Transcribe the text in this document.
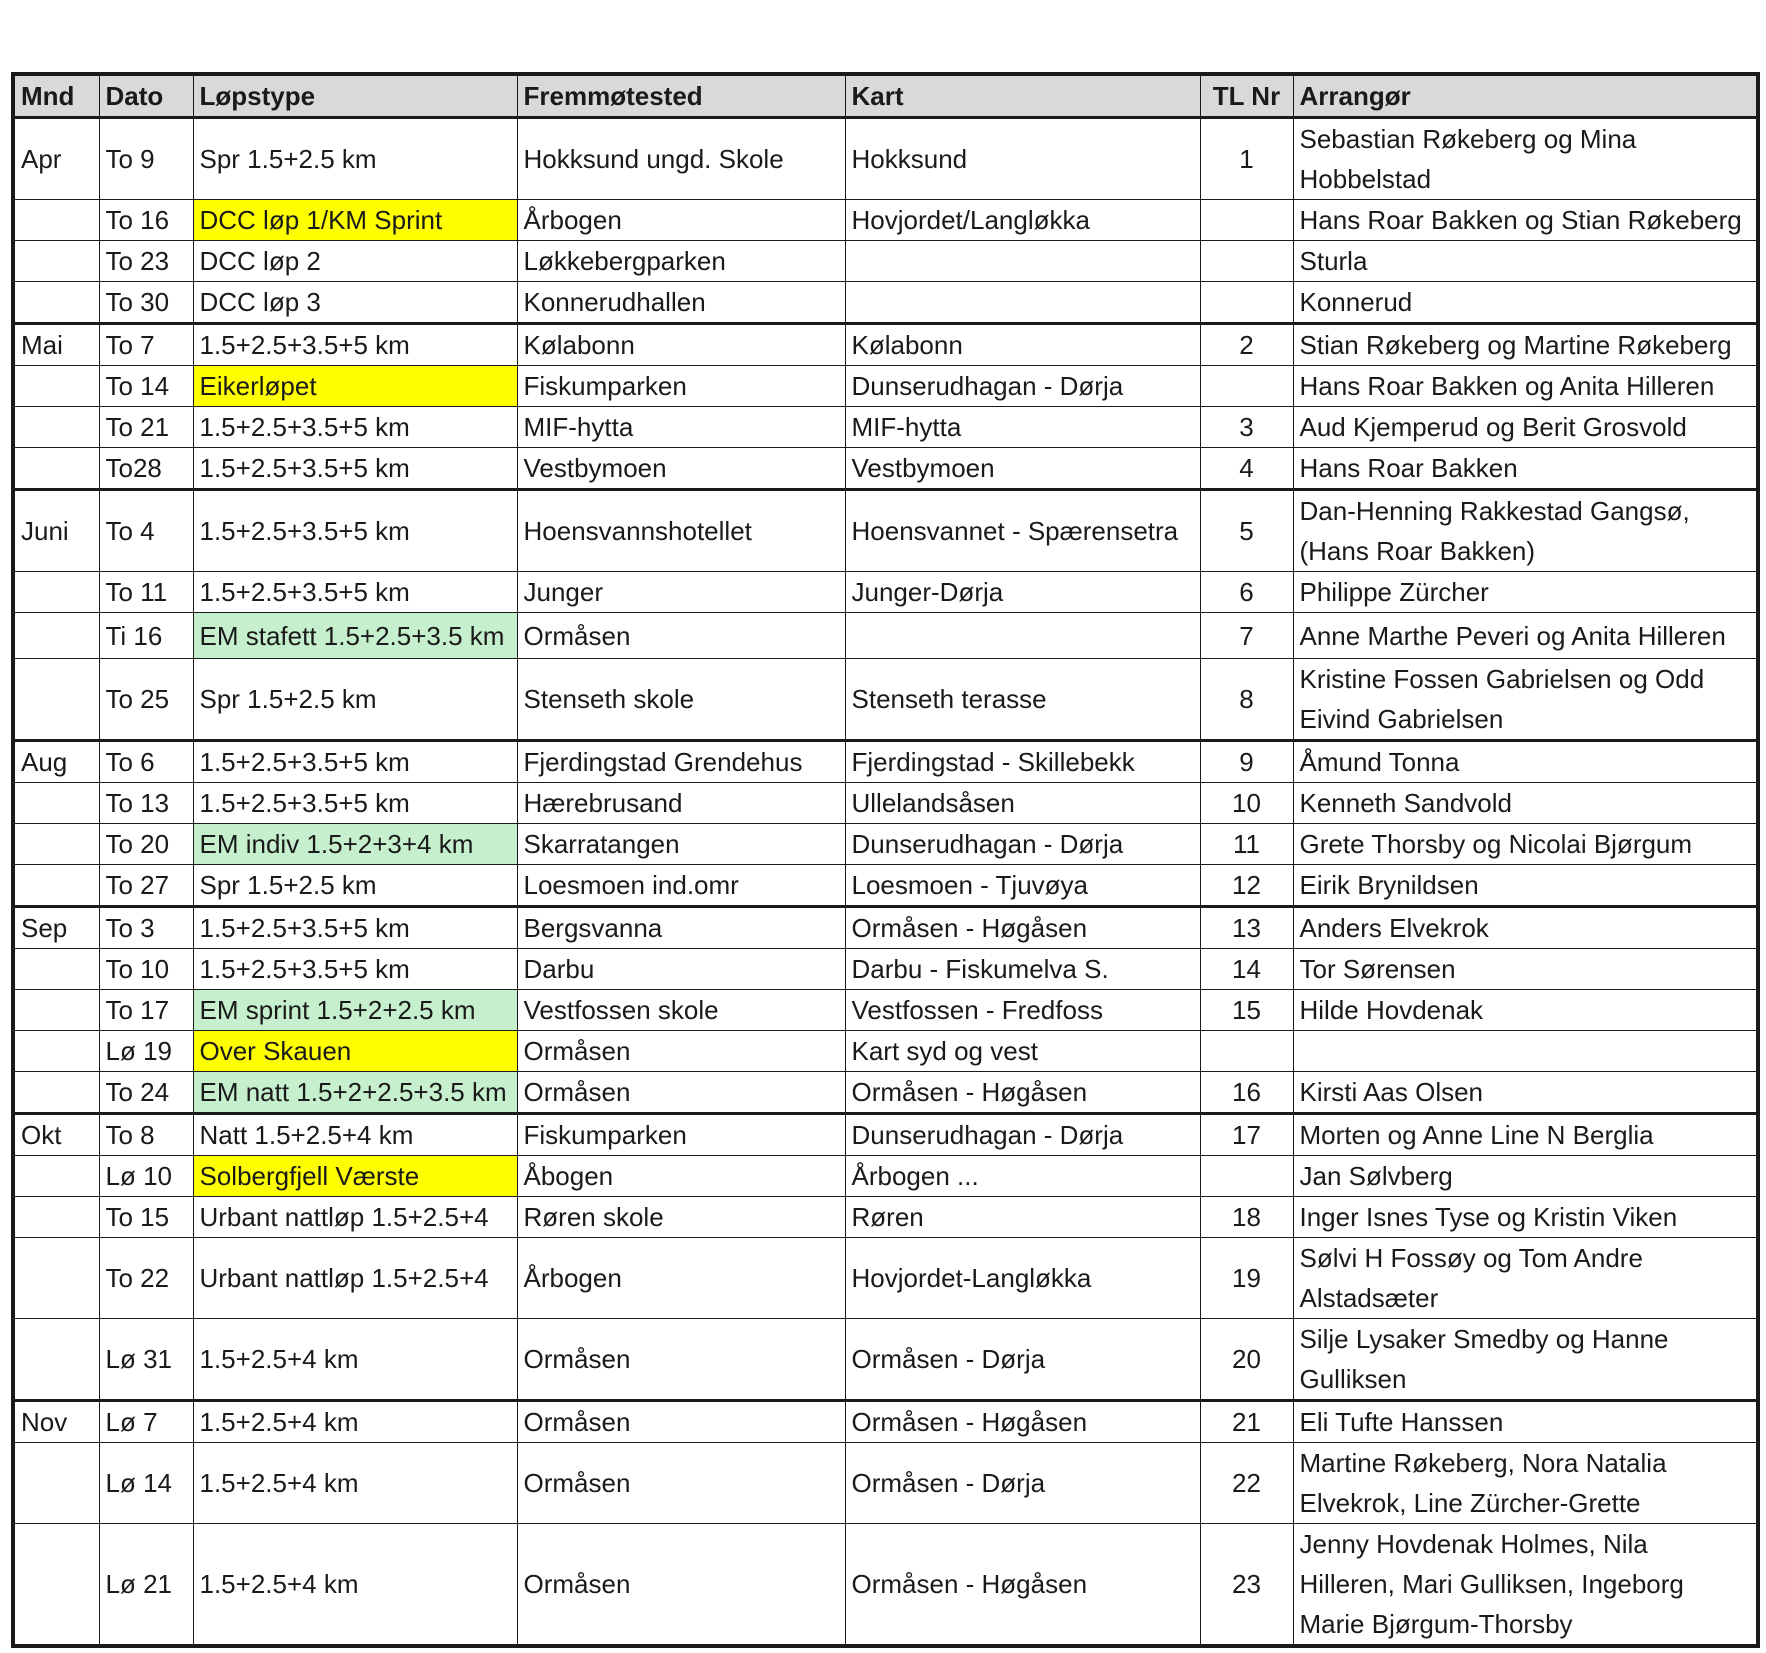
Mnd	Dato	Løpstype	Fremmøtested	Kart	TL Nr	Arrangør
Apr	To 9	Spr 1.5+2.5 km	Hokksund ungd. Skole	Hokksund	1	Sebastian Røkeberg og Mina Hobbelstad
	To 16	DCC løp 1/KM Sprint	Årbogen	Hovjordet/Langløkka		Hans Roar Bakken og Stian Røkeberg
	To 23	DCC løp 2	Løkkebergparken			Sturla
	To 30	DCC løp 3	Konnerudhallen			Konnerud
Mai	To 7	1.5+2.5+3.5+5 km	Kølabonn	Kølabonn	2	Stian Røkeberg og Martine Røkeberg
	To 14	Eikerløpet	Fiskumparken	Dunserudhagan - Dørja		Hans Roar Bakken og Anita Hilleren
	To 21	1.5+2.5+3.5+5 km	MIF-hytta	MIF-hytta	3	Aud Kjemperud og Berit Grosvold
	To28	1.5+2.5+3.5+5 km	Vestbymoen	Vestbymoen	4	Hans Roar Bakken
Juni	To 4	1.5+2.5+3.5+5 km	Hoensvannshotellet	Hoensvannet - Spærensetra	5	Dan-Henning Rakkestad Gangsø, (Hans Roar Bakken)
	To 11	1.5+2.5+3.5+5 km	Junger	Junger-Dørja	6	Philippe Zürcher
	Ti 16	EM stafett 1.5+2.5+3.5 km	Ormåsen		7	Anne Marthe Peveri og Anita Hilleren
	To 25	Spr 1.5+2.5 km	Stenseth skole	Stenseth terasse	8	Kristine Fossen Gabrielsen og Odd Eivind Gabrielsen
Aug	To 6	1.5+2.5+3.5+5 km	Fjerdingstad Grendehus	Fjerdingstad - Skillebekk	9	Åmund Tonna
	To 13	1.5+2.5+3.5+5 km	Hærebrusand	Ullelandsåsen	10	Kenneth Sandvold
	To 20	EM indiv 1.5+2+3+4 km	Skarratangen	Dunserudhagan - Dørja	11	Grete Thorsby og Nicolai Bjørgum
	To 27	Spr 1.5+2.5 km	Loesmoen ind.omr	Loesmoen - Tjuvøya	12	Eirik Brynildsen
Sep	To 3	1.5+2.5+3.5+5 km	Bergsvanna	Ormåsen - Høgåsen	13	Anders Elvekrok
	To 10	1.5+2.5+3.5+5 km	Darbu	Darbu - Fiskumelva S.	14	Tor Sørensen
	To 17	EM sprint 1.5+2+2.5 km	Vestfossen skole	Vestfossen - Fredfoss	15	Hilde Hovdenak
	Lø 19	Over Skauen	Ormåsen	Kart syd og vest		
	To 24	EM natt 1.5+2+2.5+3.5 km	Ormåsen	Ormåsen - Høgåsen	16	Kirsti Aas Olsen
Okt	To 8	Natt 1.5+2.5+4 km	Fiskumparken	Dunserudhagan - Dørja	17	Morten og Anne Line N Berglia
	Lø 10	Solbergfjell Værste	Åbogen	Årbogen ...		Jan Sølvberg
	To 15	Urbant nattløp 1.5+2.5+4	Røren skole	Røren	18	Inger Isnes Tyse og Kristin Viken
	To 22	Urbant nattløp 1.5+2.5+4	Årbogen	Hovjordet-Langløkka	19	Sølvi H Fossøy og Tom Andre Alstadsæter
	Lø 31	1.5+2.5+4 km	Ormåsen	Ormåsen - Dørja	20	Silje Lysaker Smedby og Hanne Gulliksen
Nov	Lø 7	1.5+2.5+4 km	Ormåsen	Ormåsen - Høgåsen	21	Eli Tufte Hanssen
	Lø 14	1.5+2.5+4 km	Ormåsen	Ormåsen - Dørja	22	Martine Røkeberg, Nora Natalia Elvekrok, Line Zürcher-Grette
	Lø 21	1.5+2.5+4 km	Ormåsen	Ormåsen - Høgåsen	23	Jenny Hovdenak Holmes, Nila Hilleren, Mari Gulliksen, Ingeborg Marie Bjørgum-Thorsby
